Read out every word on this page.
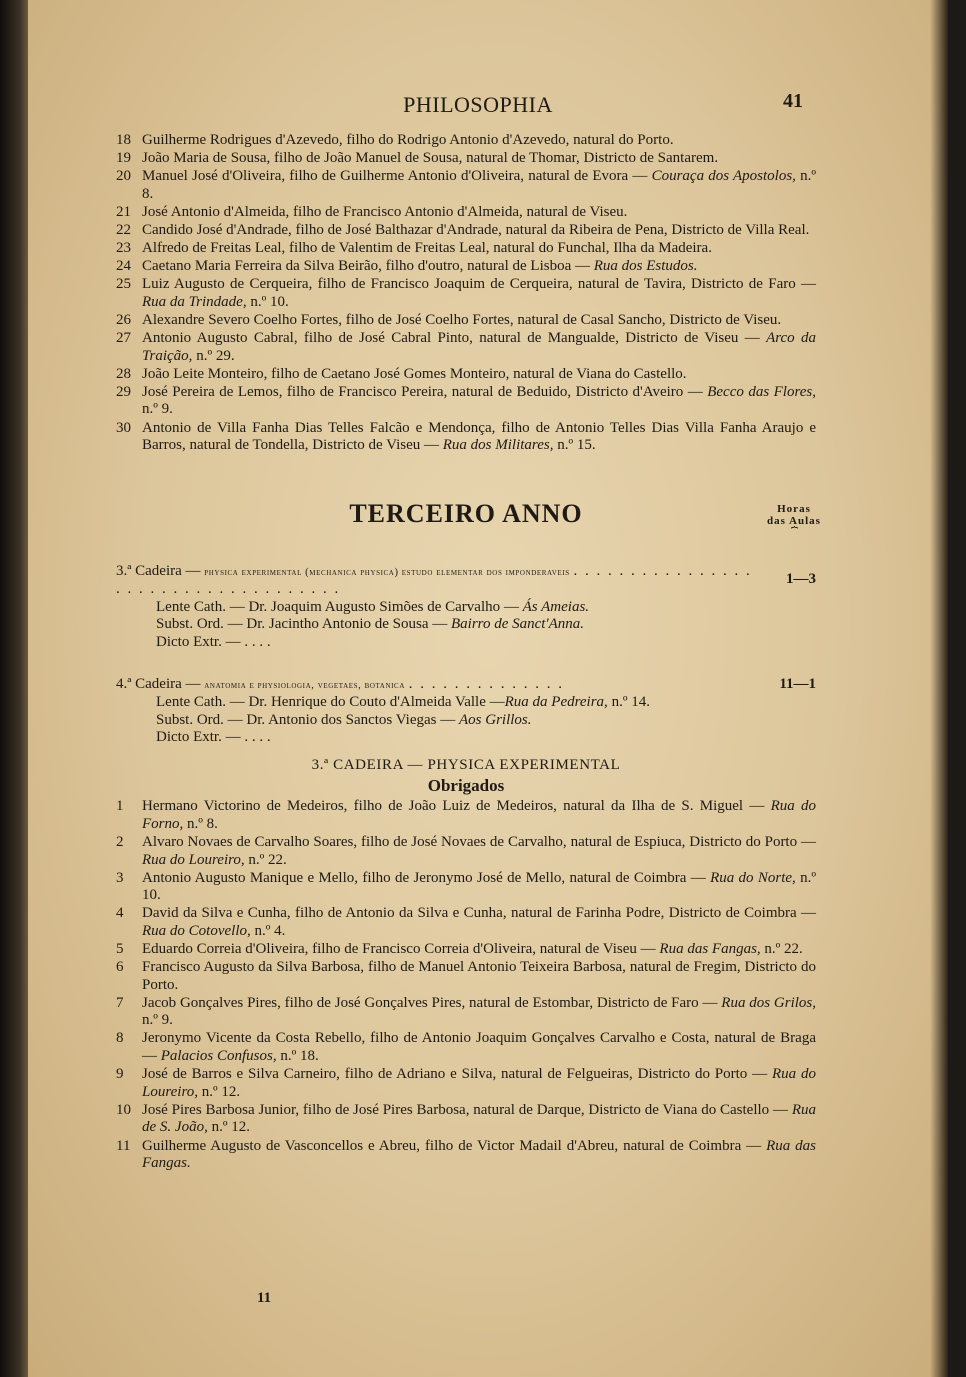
PHILOSOPHIA	41
18 Guilherme Rodrigues d'Azevedo, filho do Rodrigo Antonio d'Azevedo, natural do Porto.
19 João Maria de Sousa, filho de João Manuel de Sousa, natural de Thomar, Districto de Santarem.
20 Manuel José d'Oliveira, filho de Guilherme Antonio d'Oliveira, natural de Evora — Couraça dos Apostolos, n.º 8.
21 José Antonio d'Almeida, filho de Francisco Antonio d'Almeida, natural de Viseu.
22 Candido José d'Andrade, filho de José Balthazar d'Andrade, natural da Ribeira de Pena, Districto de Villa Real.
23 Alfredo de Freitas Leal, filho de Valentim de Freitas Leal, natural do Funchal, Ilha da Madeira.
24 Caetano Maria Ferreira da Silva Beirão, filho d'outro, natural de Lisboa — Rua dos Estudos.
25 Luiz Augusto de Cerqueira, filho de Francisco Joaquim de Cerqueira, natural de Tavira, Districto de Faro — Rua da Trindade, n.º 10.
26 Alexandre Severo Coelho Fortes, filho de José Coelho Fortes, natural de Casal Sancho, Districto de Viseu.
27 Antonio Augusto Cabral, filho de José Cabral Pinto, natural de Mangualde, Districto de Viseu — Arco da Traição, n.º 29.
28 João Leite Monteiro, filho de Caetano José Gomes Monteiro, natural de Viana do Castello.
29 José Pereira de Lemos, filho de Francisco Pereira, natural de Beduido, Districto d'Aveiro — Becco das Flores, n.º 9.
30 Antonio de Villa Fanha Dias Telles Falcão e Mendonça, filho de Antonio Telles Dias Villa Fanha Araujo e Barros, natural de Tondella, Districto de Viseu — Rua dos Militares, n.º 15.
TERCEIRO ANNO	Horas
das Aulas
⏞
3.ª Cadeira — physica experimental (mechanica physica) estudo elementar dos imponderaveis . . . . . . . . . . . . . . . . . . . . . . . . . . . . . . . . . . . .
1—3
Lente Cath. — Dr. Joaquim Augusto Simões de Carvalho — Ás Ameias.
Subst. Ord. — Dr. Jacintho Antonio de Sousa — Bairro de Sanct'Anna.
Dicto Extr. — . . . .
4.ª Cadeira — anatomia e physiologia, vegetaes, botanica . . . . . . . . . . . . . .	11—1
Lente Cath. — Dr. Henrique do Couto d'Almeida Valle —Rua da Pedreira, n.º 14.
Subst. Ord. — Dr. Antonio dos Sanctos Viegas — Aos Grillos.
Dicto Extr. — . . . .
3.ª CADEIRA — PHYSICA EXPERIMENTAL
Obrigados
1	Hermano Victorino de Medeiros, filho de João Luiz de Medeiros, natural da Ilha de S. Miguel — Rua do Forno, n.º 8.
2	Alvaro Novaes de Carvalho Soares, filho de José Novaes de Carvalho, natural de Espiuca, Districto do Porto — Rua do Loureiro, n.º 22.
3	Antonio Augusto Manique e Mello, filho de Jeronymo José de Mello, natural de Coimbra — Rua do Norte, n.º 10.
4	David da Silva e Cunha, filho de Antonio da Silva e Cunha, natural de Farinha Podre, Districto de Coimbra — Rua do Cotovello, n.º 4.
5	Eduardo Correia d'Oliveira, filho de Francisco Correia d'Oliveira, natural de Viseu — Rua das Fangas, n.º 22.
6	Francisco Augusto da Silva Barbosa, filho de Manuel Antonio Teixeira Barbosa, natural de Fregim, Districto do Porto.
7	Jacob Gonçalves Pires, filho de José Gonçalves Pires, natural de Estombar, Districto de Faro — Rua dos Grilos, n.º 9.
8	Jeronymo Vicente da Costa Rebello, filho de Antonio Joaquim Gonçalves Carvalho e Costa, natural de Braga — Palacios Confusos, n.º 18.
9	José de Barros e Silva Carneiro, filho de Adriano e Silva, natural de Felgueiras, Districto do Porto — Rua do Loureiro, n.º 12.
10 José Pires Barbosa Junior, filho de José Pires Barbosa, natural de Darque, Districto de Viana do Castello — Rua de S. João, n.º 12.
11 Guilherme Augusto de Vasconcellos e Abreu, filho de Victor Madail d'Abreu, natural de Coimbra — Rua das Fangas.
11
